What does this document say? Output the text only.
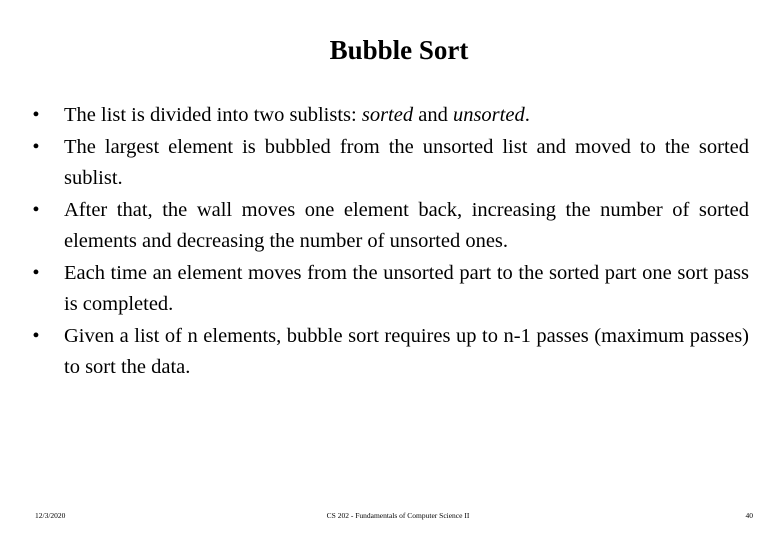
Bubble Sort
• The list is divided into two sublists: sorted and unsorted.
• The largest element is bubbled from the unsorted list and moved to the sorted sublist.
• After that, the wall moves one element back, increasing the number of sorted elements and decreasing the number of unsorted ones.
• Each time an element moves from the unsorted part to the sorted part one sort pass is completed.
• Given a list of n elements, bubble sort requires up to n-1 passes (maximum passes) to sort the data.
12/3/2020	CS 202 - Fundamentals of Computer Science II	40
